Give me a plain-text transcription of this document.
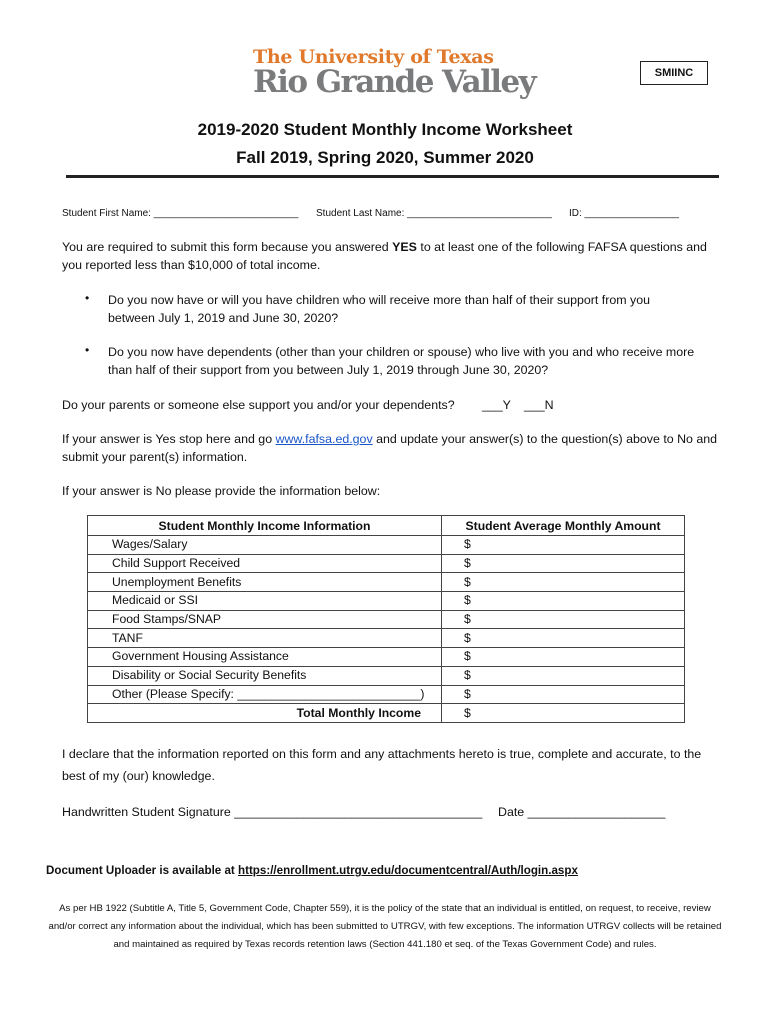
The University of Texas
Rio Grande Valley	SMIINC
2019-2020 Student Monthly Income Worksheet
Fall 2019, Spring 2020, Summer 2020
Student First Name: __________________________ Student Last Name: __________________________ ID: _________________
You are required to submit this form because you answered YES to at least one of the following FAFSA questions and you reported less than $10,000 of total income.
• Do you now have or will you have children who will receive more than half of their support from you between July 1, 2019 and June 30, 2020?
• Do you now have dependents (other than your children or spouse) who live with you and who receive more than half of their support from you between July 1, 2019 through June 30, 2020?
Do your parents or someone else support you and/or your dependents? ___Y ___N
If your answer is Yes stop here and go www.fafsa.ed.gov and update your answer(s) to the question(s) above to No and submit your parent(s) information.
If your answer is No please provide the information below:
Student Monthly Income Information	Student Average Monthly Amount
Wages/Salary	$
Child Support Received	$
Unemployment Benefits	$
Medicaid or SSI	$
Food Stamps/SNAP	$
TANF	$
Government Housing Assistance	$
Disability or Social Security Benefits	$
Other (Please Specify: ___________________________)	$
Total Monthly Income	$
I declare that the information reported on this form and any attachments hereto is true, complete and accurate, to the best of my (our) knowledge.
Handwritten Student Signature ____________________________________ Date ____________________
Document Uploader is available at https://enrollment.utrgv.edu/documentcentral/Auth/login.aspx
As per HB 1922 (Subtitle A, Title 5, Government Code, Chapter 559), it is the policy of the state that an individual is entitled, on request, to receive, review and/or correct any information about the individual, which has been submitted to UTRGV, with few exceptions. The information UTRGV collects will be retained and maintained as required by Texas records retention laws (Section 441.180 et seq. of the Texas Government Code) and rules.
